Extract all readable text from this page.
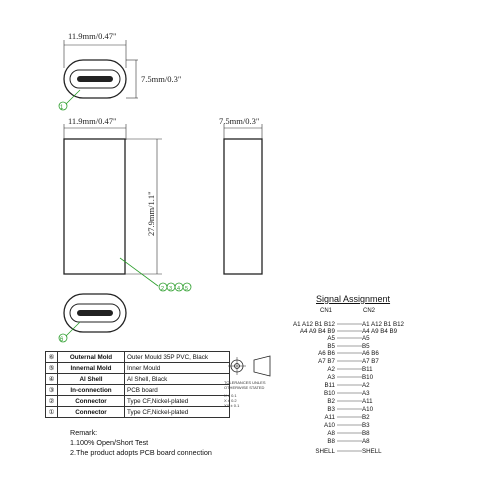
11.9mm/0.47"
7.5mm/0.3"
1
11.9mm/0.47"
27.9mm/1.1"
2 3 4 5
7.5mm/0.3"
6
⑥	Outernal Mold	Outer Mould 35P PVC, Black
⑤	Innernal Mold	Inner Mould
④	Al Shell	Al Shell, Black
③	In-connection	PCB board
②	Connector	Type CF,Nickel-plated
①	Connector	Type CF,Nickel-plated
TOLERANCES UNLES OTHERWISE STATED
X ± 0.1
X ± 0.2
XX ± 0.1
Signal Assignment
CN1	CN2
A1 A12 B1 B12	A1 A12 B1 B12
A4 A9 B4 B9	A4 A9 B4 B9
A5	A5
B5	B5
A6 B6	A6 B6
A7 B7	A7 B7
A2	B11
A3	B10
B11	A2
B10	A3
B2	A11
B3	A10
A11	B2
A10	B3
A8	B8
B8	A8
SHELL	SHELL
Remark:
1.100% Open/Short Test
2.The product adopts PCB board connection
